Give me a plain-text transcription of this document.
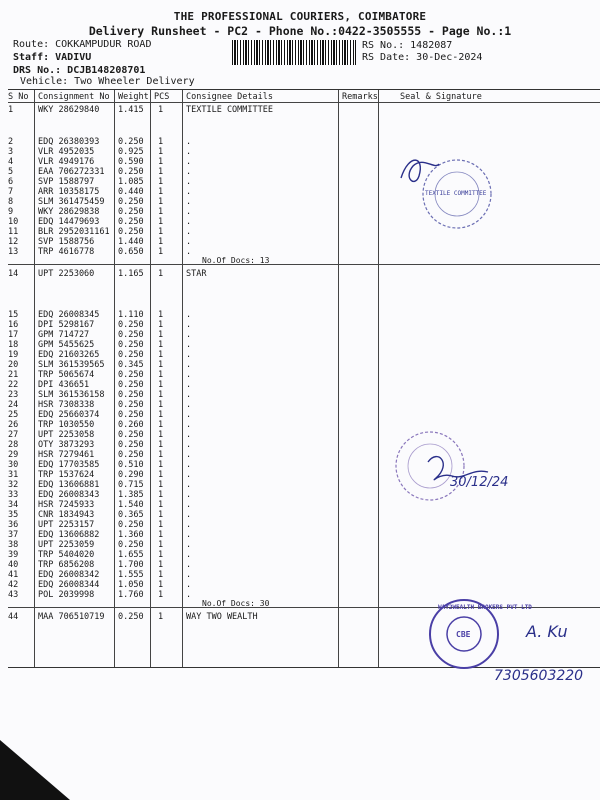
THE PROFESSIONAL COURIERS, COIMBATORE
Delivery Runsheet - PC2 - Phone No.:0422-3505555 - Page No.:1
Route: COKKAMPUDUR ROAD
Staff: VADIVU
DRS No.: DCJB148208701
Vehicle: Two Wheeler Delivery
RS No.: 1482087
RS Date: 30-Dec-2024
S No Consignment No Weight PCS Consignee Details	Remarks	Seal & Signature
1	WKY 28629840 1.415 1	TEXTILE COMMITTEE
2	EDQ 26380393 0.250 1	.
3	VLR 4952035	0.925 1	.
4	VLR 4949176	0.590 1	.
5	EAA 706272331 0.250 1	.
6	SVP 1588797	1.085 1	.
7	ARR 10358175 0.440 1	.
8	SLM 361475459 0.250 1	.
9	WKY 28629838 0.250 1	.
10 EDQ 14479693 0.250 1	.
11 BLR 2952031161 0.250 1	.
12 SVP 1588756	1.440 1	.
13 TRP 4616778	0.650 1	.
No.Of Docs: 13
14 UPT 2253060	1.165 1	STAR
15 EDQ 26008345 1.110 1	.
16 DPI 5298167	0.250 1	.
17 GPM 714727	0.250 1	.
18 GPM 5455625	0.250 1	.
19 EDQ 21603265 0.250 1	.
20 SLM 361539565 0.345 1	.
21 TRP 5065674	0.250 1	.
22 DPI 436651	0.250 1	.
23 SLM 361536158 0.250 1	.
24 HSR 7308338	0.250 1	.
25 EDQ 25660374 0.250 1	.
26 TRP 1030550	0.260 1	.
27 UPT 2253058	0.250 1	.
28 OTY 3873293	0.250 1	.
29 HSR 7279461	0.250 1	.
30 EDQ 17703585 0.510 1	.
31 TRP 1537624	0.290 1	.
32 EDQ 13606881 0.715 1	.
33 EDQ 26008343 1.385 1	.
34 HSR 7245933	1.540 1	.
35 CNR 1834943	0.365 1	.
36 UPT 2253157	0.250 1	.
37 EDQ 13606882 1.360 1	.
38 UPT 2253059	0.250 1	.
39 TRP 5404020	1.655 1	.
40 TRP 6856208	1.700 1	.
41 EDQ 26008342 1.555 1	.
42 EDQ 26008344 1.050 1	.
43 POL 2039998	1.760 1	.
No.Of Docs: 30
44 MAA 706510719 0.250 1	WAY TWO WEALTH
TEXTILE COMMITTEE
30/12/24
WAY2WEALTH BROKERS PVT LTD
CBE	A. Ku
7305603220
